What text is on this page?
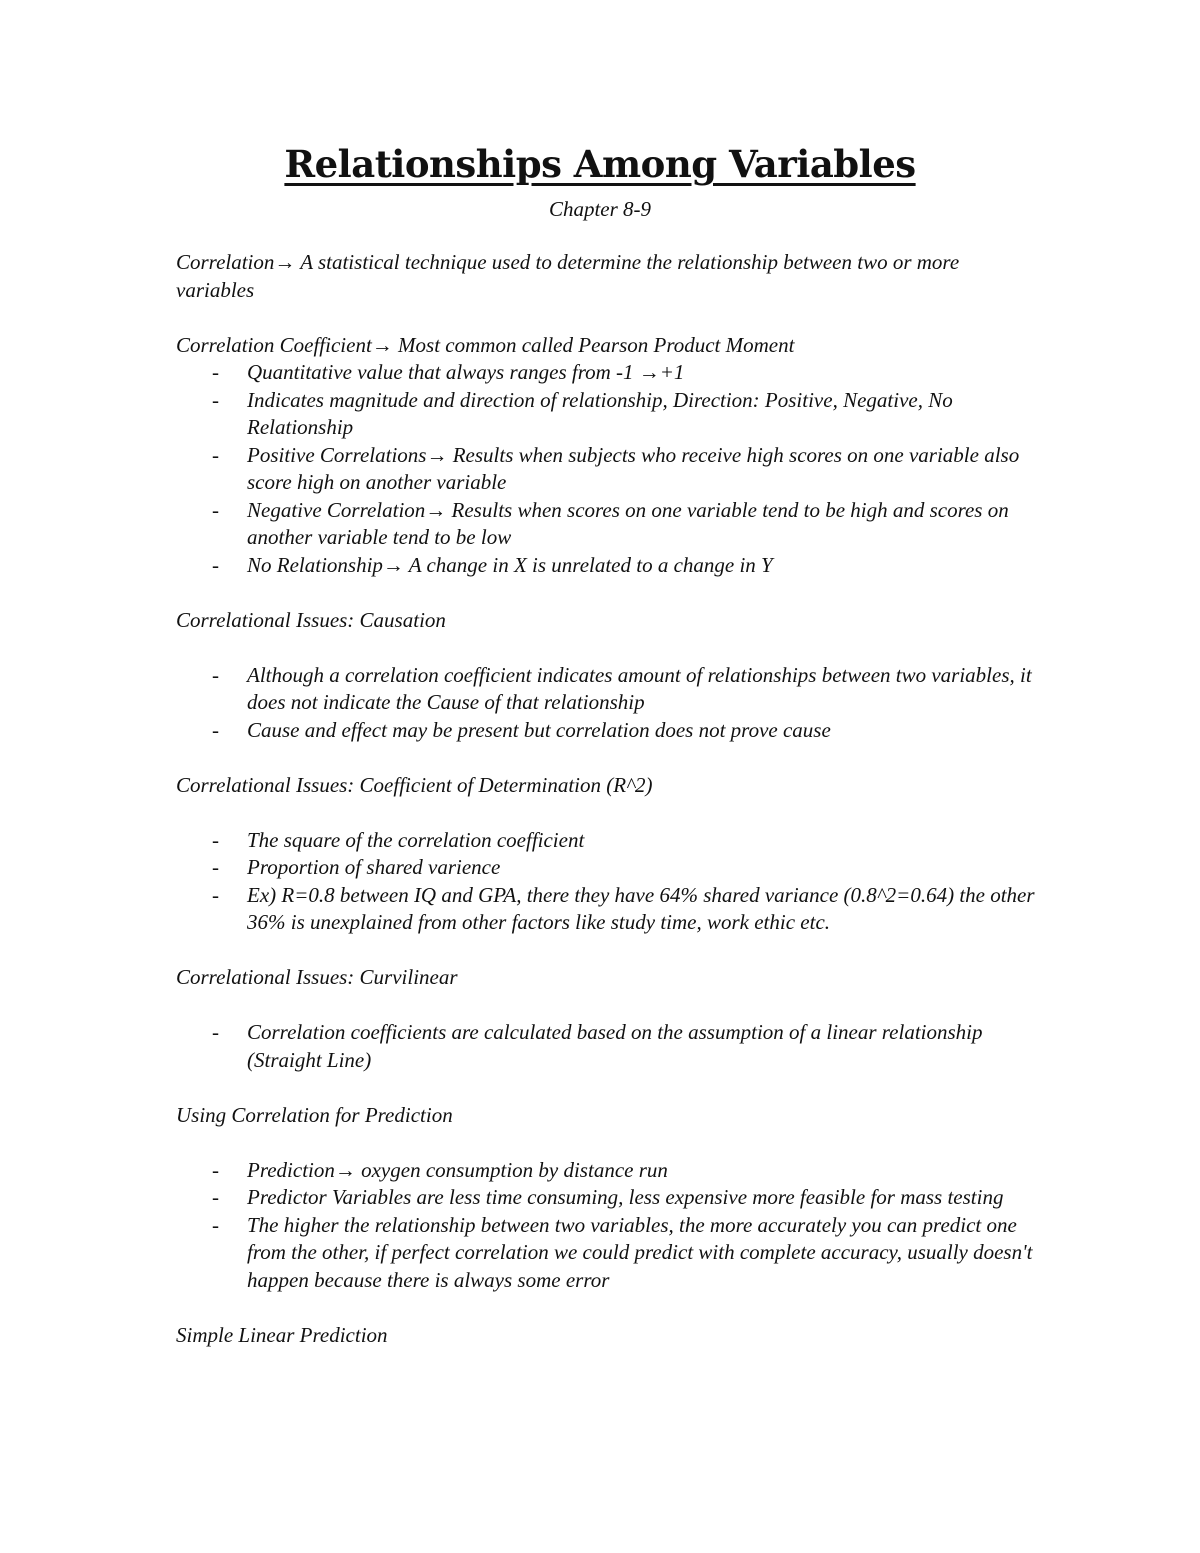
Relationships Among Variables
Chapter 8-9

Correlation→ A statistical technique used to determine the relationship between two or more variables

Correlation Coefficient→ Most common called Pearson Product Moment

- Quantitative value that always ranges from -1 →+1
- Indicates magnitude and direction of relationship, Direction: Positive, Negative, No Relationship
- Positive Correlations→ Results when subjects who receive high scores on one variable also score high on another variable
- Negative Correlation→ Results when scores on one variable tend to be high and scores on another variable tend to be low
- No Relationship→ A change in X is unrelated to a change in Y

Correlational Issues: Causation

- Although a correlation coefficient indicates amount of relationships between two variables, it does not indicate the Cause of that relationship
- Cause and effect may be present but correlation does not prove cause

Correlational Issues: Coefficient of Determination (R^2)

- The square of the correlation coefficient
- Proportion of shared varience
- Ex) R=0.8 between IQ and GPA, there they have 64% shared variance (0.8^2=0.64) the other 36% is unexplained from other factors like study time, work ethic etc.

Correlational Issues: Curvilinear

- Correlation coefficients are calculated based on the assumption of a linear relationship (Straight Line)

Using Correlation for Prediction

- Prediction→ oxygen consumption by distance run
- Predictor Variables are less time consuming, less expensive more feasible for mass testing
- The higher the relationship between two variables, the more accurately you can predict one from the other, if perfect correlation we could predict with complete accuracy, usually doesn't happen because there is always some error

Simple Linear Prediction
